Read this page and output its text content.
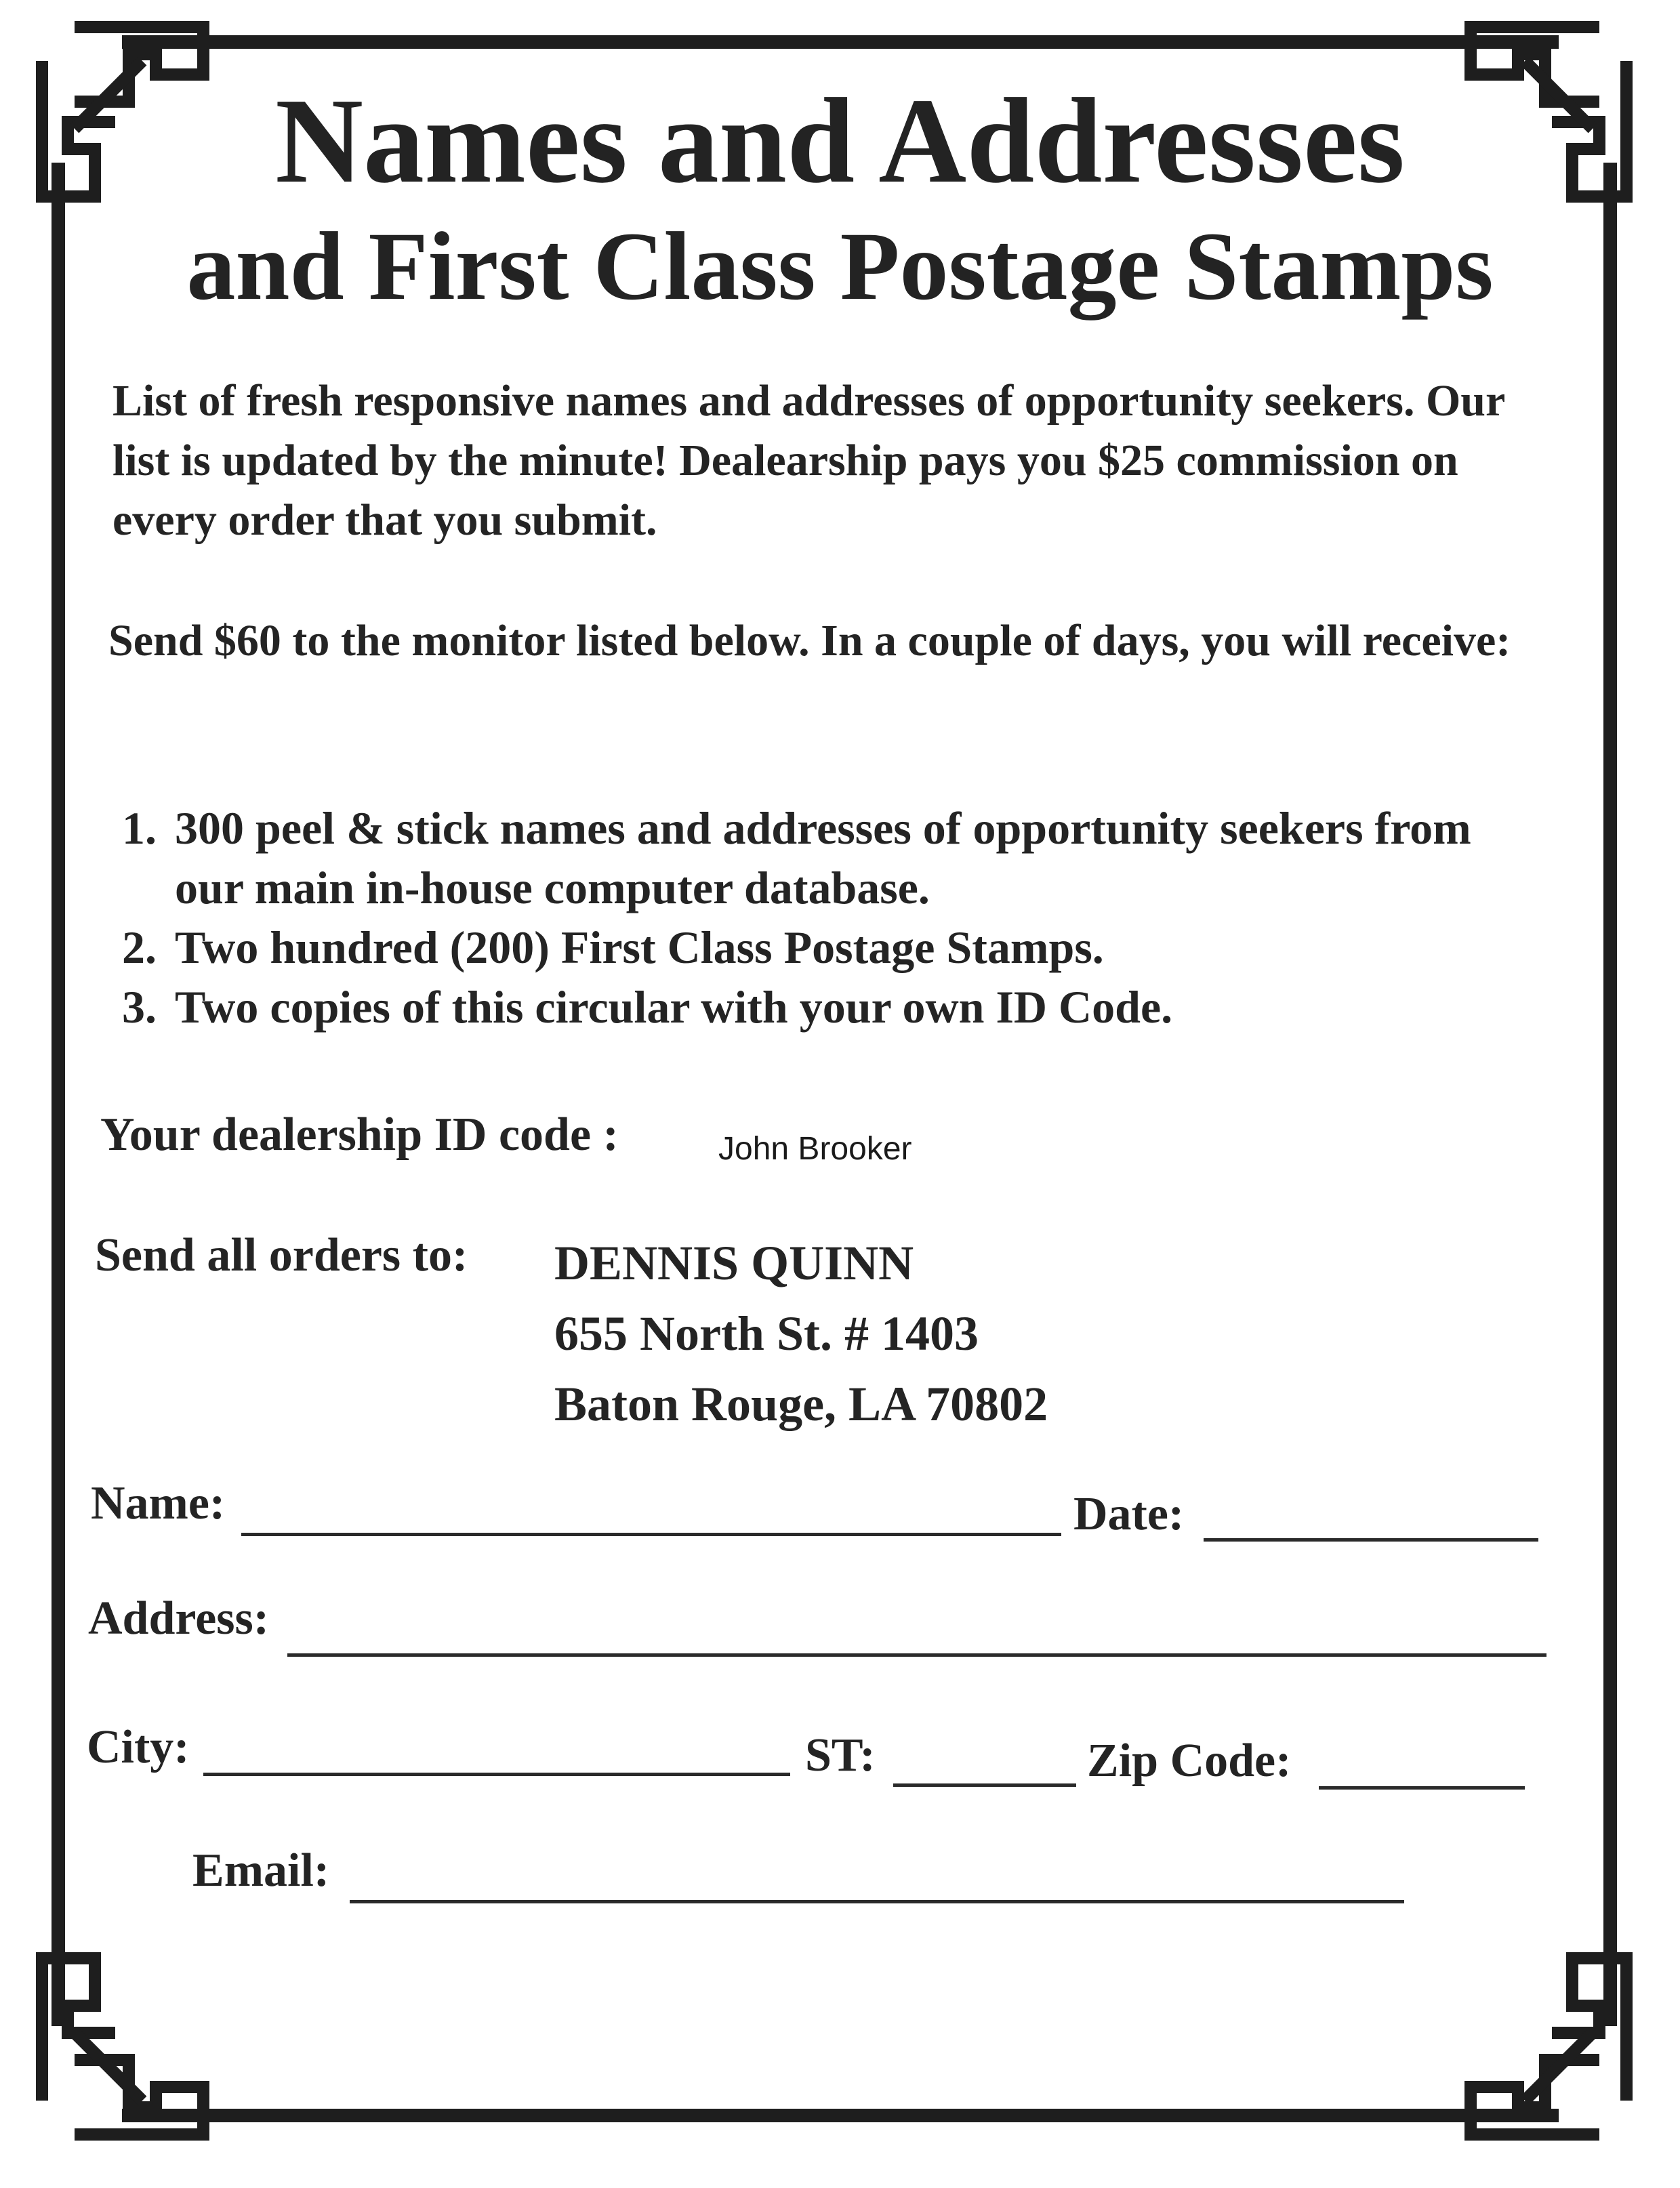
Names and Addresses
and First Class Postage Stamps

List of fresh responsive names and addresses of opportunity seekers. Our list is updated by the minute! Dealearship pays you $25 commission on every order that you submit.

Send $60 to the monitor listed below. In a couple of days, you will receive:

1. 300 peel & stick names and addresses of opportunity seekers from our main in-house computer database.
2. Two hundred (200) First Class Postage Stamps.
3. Two copies of this circular with your own ID Code.

Your dealership ID code :	John Brooker

Send all orders to: DENNIS QUINN
655 North St. # 1403
Baton Rouge, LA 70802
Name:	Date:
Address:
City:	ST:	Zip Code:
Email:
